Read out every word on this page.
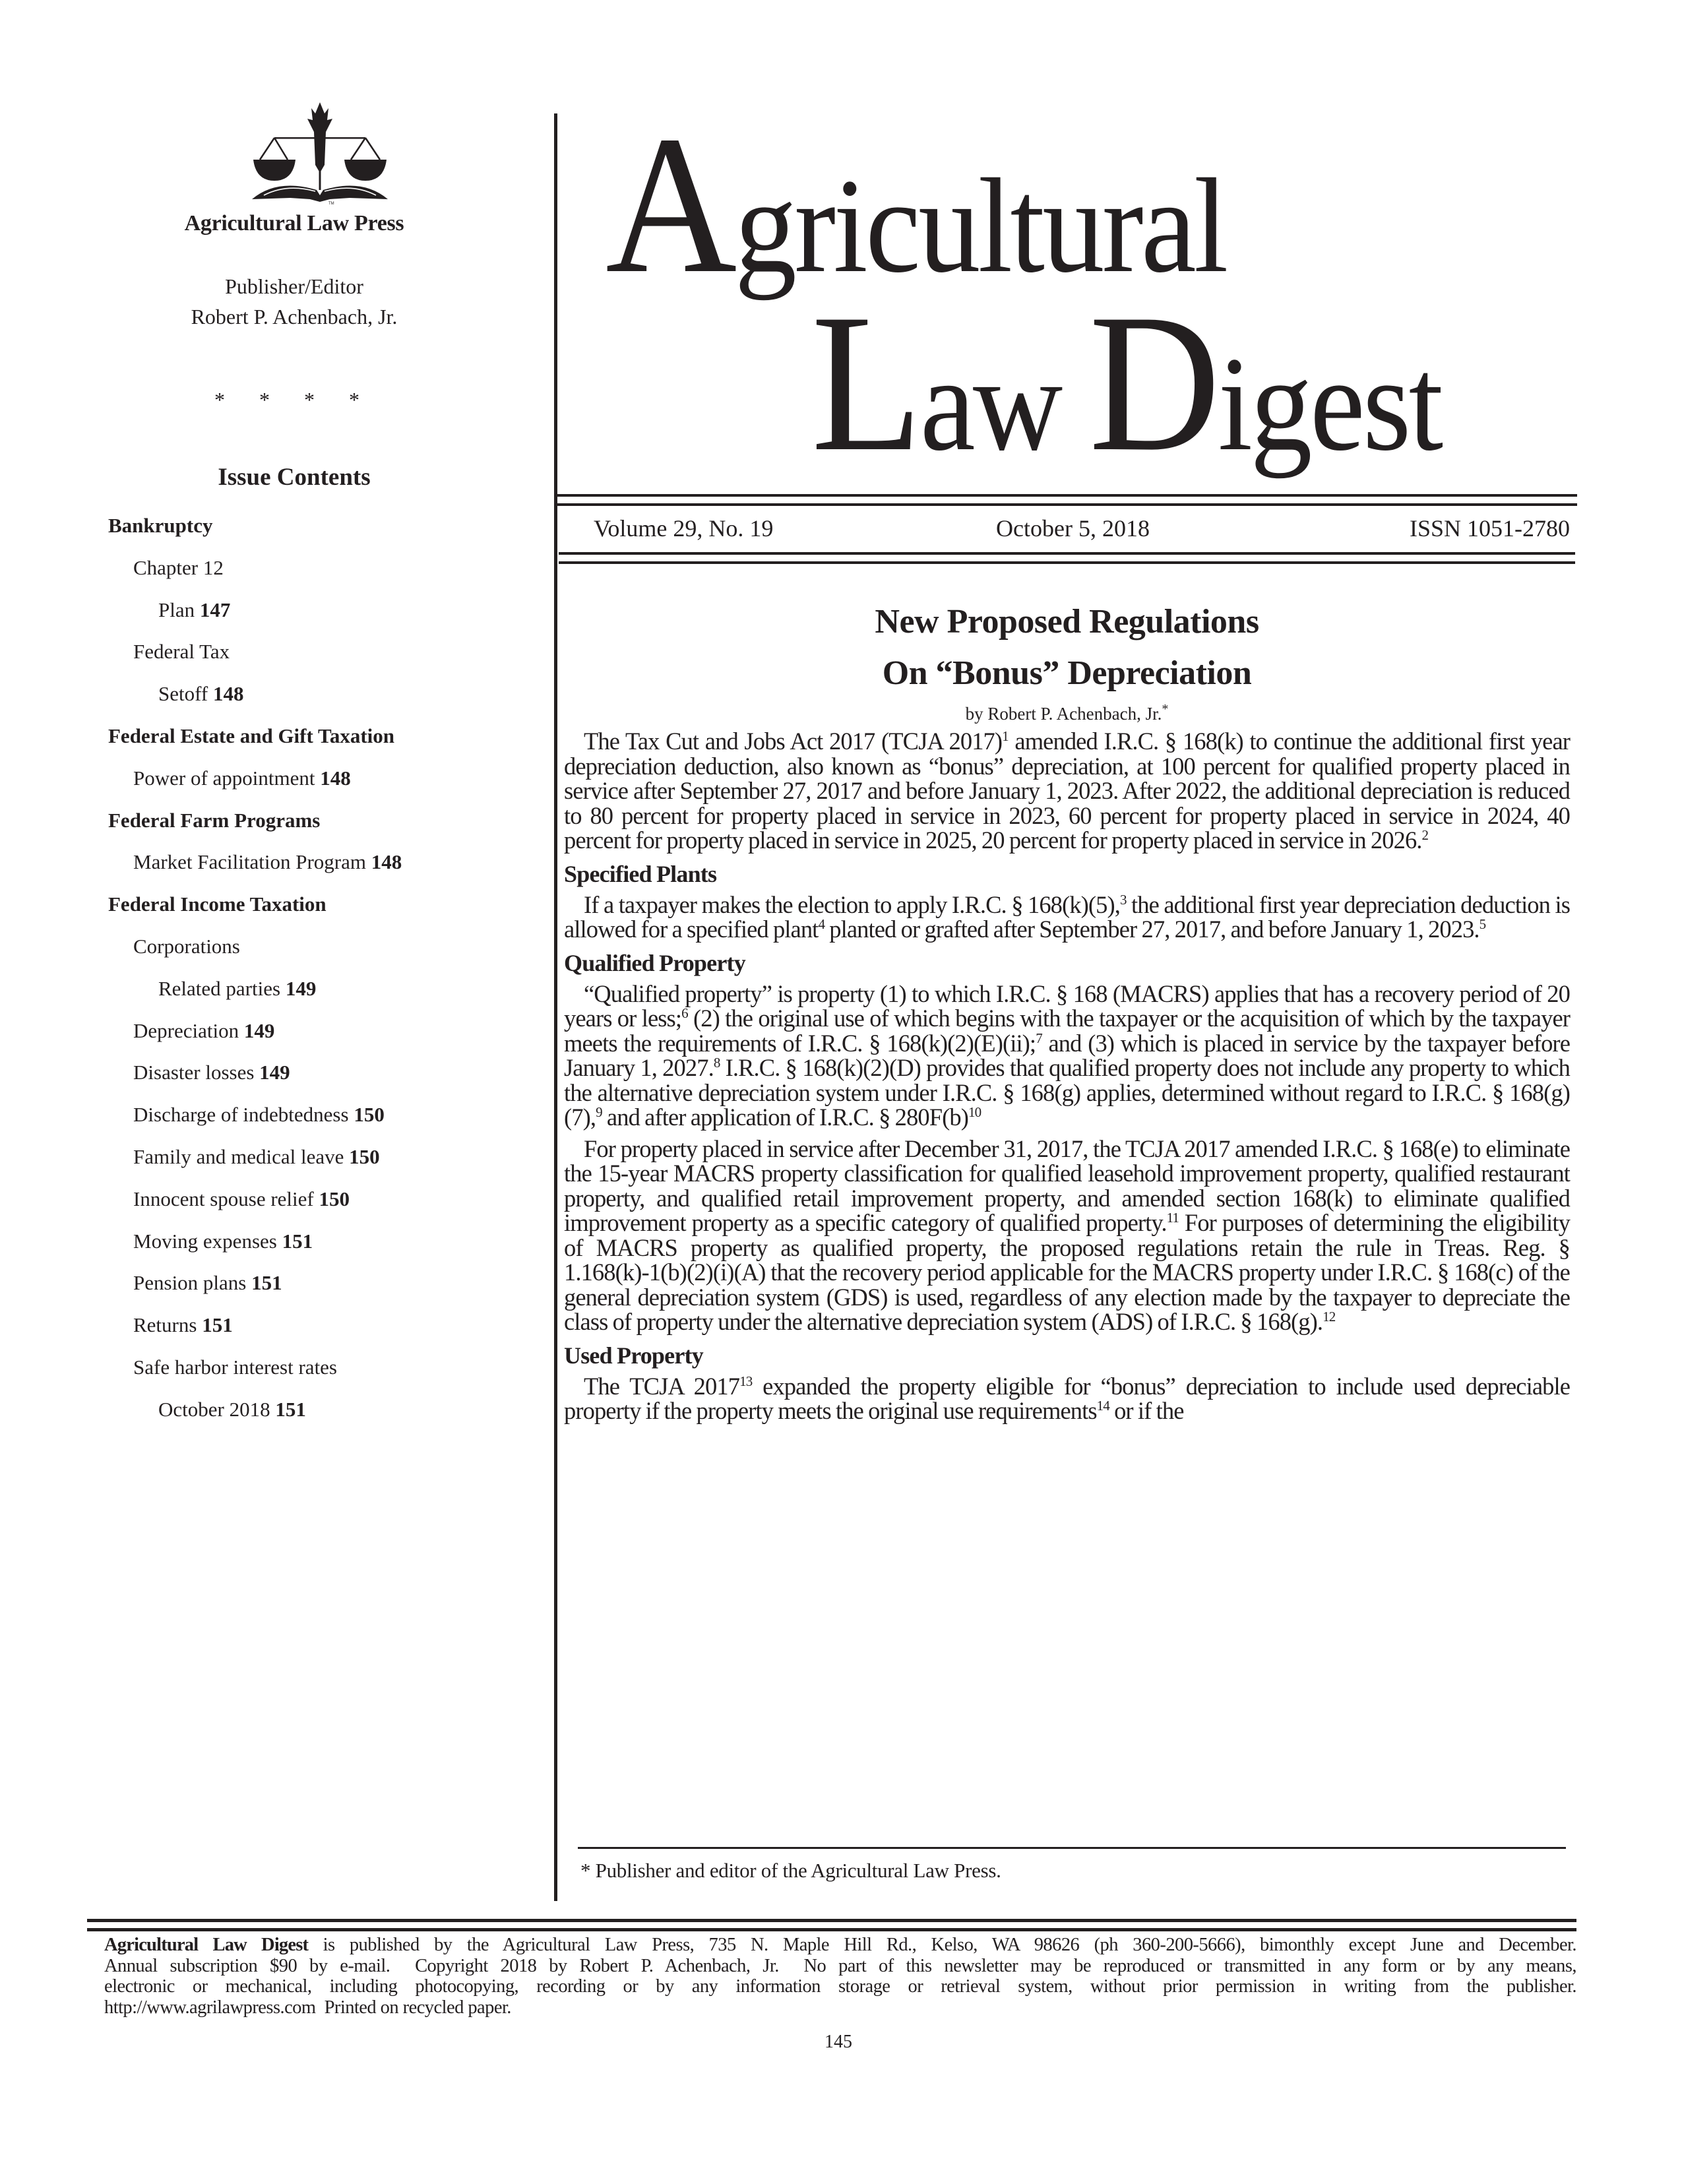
TM
Agricultural Law Press
Publisher/Editor
Robert P. Achenbach, Jr.
* * * *
Issue Contents
Bankruptcy
Chapter 12
Plan 147
Federal Tax
Setoff 148
Federal Estate and Gift Taxation
Power of appointment 148
Federal Farm Programs
Market Facilitation Program 148
Federal Income Taxation
Corporations
Related parties 149
Depreciation 149
Disaster losses 149
Discharge of indebtedness 150
Family and medical leave 150
Innocent spouse relief 150
Moving expenses 151
Pension plans 151
Returns 151
Safe harbor interest rates
October 2018 151
Agricultural
Law Digest
Volume 29, No. 19	October 5, 2018	ISSN 1051-2780
New Proposed Regulations
On “Bonus” Depreciation
by Robert P. Achenbach, Jr.*

The Tax Cut and Jobs Act 2017 (TCJA 2017)$^1$ amended I.R.C. § 168(k) to continue the additional first year depreciation deduction, also known as “bonus” depreciation, at 100 percent for qualified property placed in service after September 27, 2017 and before January 1, 2023. After 2022, the additional depreciation is reduced to 80 percent for property placed in service in 2023, 60 percent for property placed in service in 2024, 40 percent for property placed in service in 2025, 20 percent for property placed in service in 2026.$^2$

Specified Plants

If a taxpayer makes the election to apply I.R.C. § 168(k)(5),$^3$ the additional first year depreciation deduction is allowed for a specified plant$^4$ planted or grafted after September 27, 2017, and before January 1, 2023.$^5$

Qualified Property

“Qualified property” is property (1) to which I.R.C. § 168 (MACRS) applies that has a recovery period of 20 years or less;$^6$ (2) the original use of which begins with the taxpayer or the acquisition of which by the taxpayer meets the requirements of I.R.C. § 168(k)(2)(E)(ii);$^7$ and (3) which is placed in service by the taxpayer before January 1, 2027.$^8$ I.R.C. § 168(k)(2)(D) provides that qualified property does not include any property to which the alternative depreciation system under I.R.C. § 168(g) applies, determined without regard to I.R.C. § 168(g)(7),$^9$ and after application of I.R.C. § $280F(b)^{10}$

For property placed in service after December 31, 2017, the TCJA 2017 amended I.R.C. § 168(e) to eliminate the 15-year MACRS property classification for qualified leasehold improvement property, qualified restaurant property, and qualified retail improvement property, and amended section 168(k) to eliminate qualified improvement property as a specific category of qualified property.$^{11}$ For purposes of determining the eligibility of MACRS property as qualified property, the proposed regulations retain the rule in Treas. Reg. § 1.168(k)-1(b)(2)(i)(A) that the recovery period applicable for the MACRS property under I.R.C. § 168(c) of the general depreciation system (GDS) is used, regardless of any election made by the taxpayer to depreciate the class of property under the alternative depreciation system (ADS) of I.R.C. § 168(g).$^{12}$

Used Property

The TCJA 2017$^{13}$ expanded the property eligible for “bonus” depreciation to include used depreciable property if the property meets the original use requirements$^{14}$ or if the

* Publisher and editor of the Agricultural Law Press.

Agricultural Law Digest is published by the Agricultural Law Press, 735 N. Maple Hill Rd., Kelso, WA 98626 (ph 360-200-5666), bimonthly except June and December.

Annual subscription $90 by e-mail.  Copyright 2018 by Robert P. Achenbach, Jr.  No part of this newsletter may be reproduced or transmitted in any form or by any means,

electronic or mechanical, including photocopying, recording or by any information storage or retrieval system, without prior permission in writing from the publisher.

http://www.agrilawpress.com  Printed on recycled paper.

145
